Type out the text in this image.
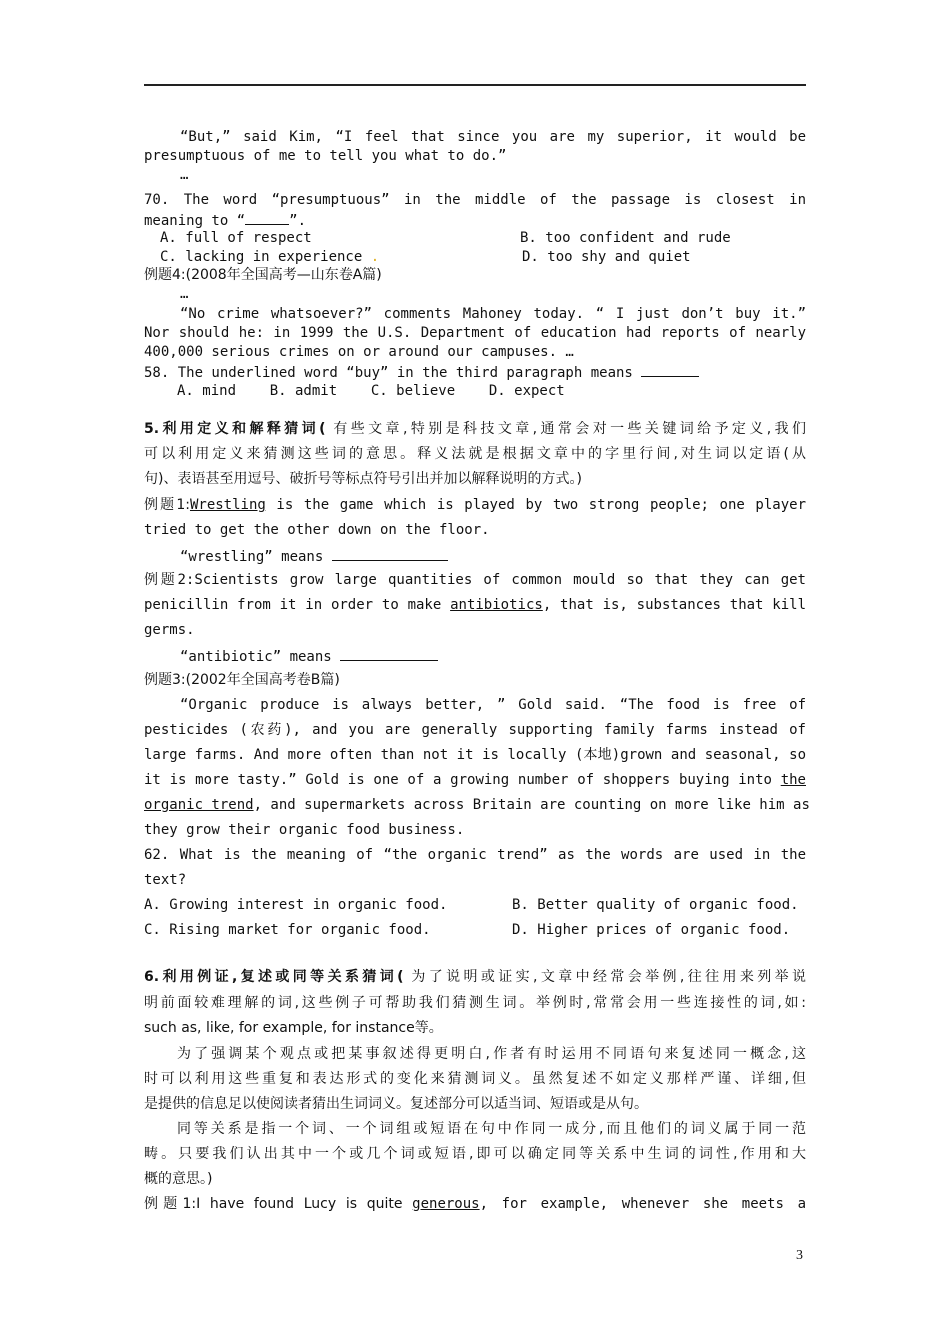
“But,” said Kim, “I feel that since you are my superior, it would be
presumptuous of me to tell you what to do.”
…
70. The word “presumptuous” in the middle of the passage is closest in
meaning to “	”.
A. full of respect	B. too confident and rude
C. lacking in experience .	D. too shy and quiet
例题4:(2008年全国高考—山东卷A篇)
…
“No crime whatsoever?” comments Mahoney today. “ I just don’t buy it.”
Nor should he: in 1999 the U.S. Department of education had reports of nearly
400,000 serious crimes on or around our campuses. …
58. The underlined word “buy” in the third paragraph means
A. mind    B. admit    C. believe    D. expect
5.利用定义和解释猜词( 有些文章,特别是科技文章,通常会对一些关键词给予定义,我们
可以利用定义来猜测这些词的意思。释义法就是根据文章中的字里行间,对生词以定语(从
句)、表语甚至用逗号、破折号等标点符号引出并加以解释说明的方式。)
例题1:Wrestling is the game which is played by two strong people; one player
tried to get the other down on the floor.
“wrestling” means
例题2:Scientists grow large quantities of common mould so that they can get
penicillin from it in order to make antibiotics, that is, substances that kill
germs.
“antibiotic” means
例题3:(2002年全国高考卷B篇)
“Organic produce is always better, ” Gold said. “The food is free of
pesticides (农药), and you are generally supporting family farms instead of
large farms. And more often than not it is locally (本地)grown and seasonal, so
it is more tasty.” Gold is one of a growing number of shoppers buying into the
organic trend, and supermarkets across Britain are counting on more like him as
they grow their organic food business.
62. What is the meaning of “the organic trend” as the words are used in the
text?
A. Growing interest in organic food.	B. Better quality of organic food.
C. Rising market for organic food.	D. Higher prices of organic food.
6.利用例证,复述或同等关系猜词( 为了说明或证实,文章中经常会举例,往往用来列举说
明前面较难理解的词,这些例子可帮助我们猜测生词。举例时,常常会用一些连接性的词,如:
such as, like, for example, for instance等。
为了强调某个观点或把某事叙述得更明白,作者有时运用不同语句来复述同一概念,这
时可以利用这些重复和表达形式的变化来猜测词义。虽然复述不如定义那样严谨、详细,但
是提供的信息足以使阅读者猜出生词词义。复述部分可以适当词、短语或是从句。
同等关系是指一个词、一个词组或短语在句中作同一成分,而且他们的词义属于同一范
畴。只要我们认出其中一个或几个词或短语,即可以确定同等关系中生词的词性,作用和大
概的意思。)
例题1:I have found Lucy is quite generous, for example, whenever she meets a
3
